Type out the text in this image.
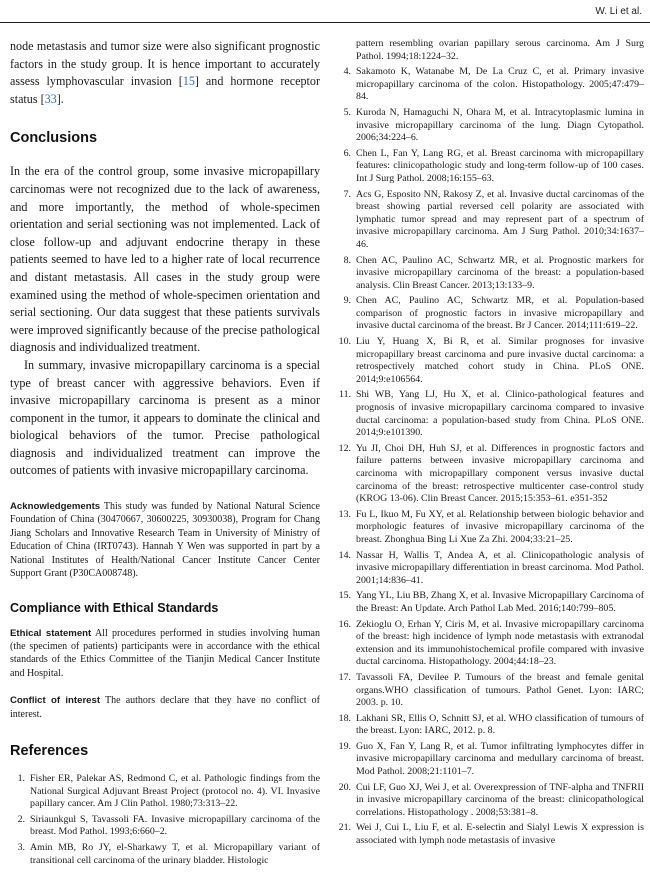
W. Li et al.

node metastasis and tumor size were also significant prognostic factors in the study group. It is hence important to accurately assess lymphovascular invasion [15] and hormone receptor status [33].

Conclusions

In the era of the control group, some invasive micropapillary carcinomas were not recognized due to the lack of awareness, and more importantly, the method of whole-specimen orientation and serial sectioning was not implemented. Lack of close follow-up and adjuvant endocrine therapy in these patients seemed to have led to a higher rate of local recurrence and distant metastasis. All cases in the study group were examined using the method of whole-specimen orientation and serial sectioning. Our data suggest that these patients survivals were improved significantly because of the precise pathological diagnosis and individualized treatment.

In summary, invasive micropapillary carcinoma is a special type of breast cancer with aggressive behaviors. Even if invasive micropapillary carcinoma is present as a minor component in the tumor, it appears to dominate the clinical and biological behaviors of the tumor. Precise pathological diagnosis and individualized treatment can improve the outcomes of patients with invasive micropapillary carcinoma.

Acknowledgements This study was funded by National Natural Science Foundation of China (30470667, 30600225, 30930038), Program for Chang Jiang Scholars and Innovative Research Team in University of Ministry of Education of China (IRT0743). Hannah Y Wen was supported in part by a National Institutes of Health/National Cancer Institute Cancer Center Support Grant (P30CA008748).

Compliance with Ethical Standards

Ethical statement All procedures performed in studies involving human (the specimen of patients) participants were in accordance with the ethical standards of the Ethics Committee of the Tianjin Medical Cancer Institute and Hospital.

Conflict of interest The authors declare that they have no conflict of interest.

References
1. Fisher ER, Palekar AS, Redmond C, et al. Pathologic findings from the National Surgical Adjuvant Breast Project (protocol no. 4). VI. Invasive papillary cancer. Am J Clin Pathol. 1980;73:313–22.
2. Siriaunkgul S, Tavassoli FA. Invasive micropapillary carcinoma of the breast. Mod Pathol. 1993;6:660–2.
3. Amin MB, Ro JY, el-Sharkawy T, et al. Micropapillary variant of transitional cell carcinoma of the urinary bladder. Histologic
pattern resembling ovarian papillary serous carcinoma. Am J Surg Pathol. 1994;18:1224–32.
4. Sakamoto K, Watanabe M, De La Cruz C, et al. Primary invasive micropapillary carcinoma of the colon. Histopathology. 2005;47:479–84.
5. Kuroda N, Hamaguchi N, Ohara M, et al. Intracytoplasmic lumina in invasive micropapillary carcinoma of the lung. Diagn Cytopathol. 2006;34:224–6.
6. Chen L, Fan Y, Lang RG, et al. Breast carcinoma with micropapillary features: clinicopathologic study and long-term follow-up of 100 cases. Int J Surg Pathol. 2008;16:155–63.
7. Acs G, Esposito NN, Rakosy Z, et al. Invasive ductal carcinomas of the breast showing partial reversed cell polarity are associated with lymphatic tumor spread and may represent part of a spectrum of invasive micropapillary carcinoma. Am J Surg Pathol. 2010;34:1637–46.
8. Chen AC, Paulino AC, Schwartz MR, et al. Prognostic markers for invasive micropapillary carcinoma of the breast: a population-based analysis. Clin Breast Cancer. 2013;13:133–9.
9. Chen AC, Paulino AC, Schwartz MR, et al. Population-based comparison of prognostic factors in invasive micropapillary and invasive ductal carcinoma of the breast. Br J Cancer. 2014;111:619–22.
10. Liu Y, Huang X, Bi R, et al. Similar prognoses for invasive micropapillary breast carcinoma and pure invasive ductal carcinoma: a retrospectively matched cohort study in China. PLoS ONE. 2014;9:e106564.
11. Shi WB, Yang LJ, Hu X, et al. Clinico-pathological features and prognosis of invasive micropapillary carcinoma compared to invasive ductal carcinoma: a population-based study from China. PLoS ONE. 2014;9:e101390.
12. Yu JI, Choi DH, Huh SJ, et al. Differences in prognostic factors and failure patterns between invasive micropapillary carcinoma and carcinoma with micropapillary component versus invasive ductal carcinoma of the breast: retrospective multicenter case-control study (KROG 13-06). Clin Breast Cancer. 2015;15:353–61. e351-352
13. Fu L, Ikuo M, Fu XY, et al. Relationship between biologic behavior and morphologic features of invasive micropapillary carcinoma of the breast. Zhonghua Bing Li Xue Za Zhi. 2004;33:21–25.
14. Nassar H, Wallis T, Andea A, et al. Clinicopathologic analysis of invasive micropapillary differentiation in breast carcinoma. Mod Pathol. 2001;14:836–41.
15. Yang YL, Liu BB, Zhang X, et al. Invasive Micropapillary Carcinoma of the Breast: An Update. Arch Pathol Lab Med. 2016;140:799–805.
16. Zekioglu O, Erhan Y, Ciris M, et al. Invasive micropapillary carcinoma of the breast: high incidence of lymph node metastasis with extranodal extension and its immunohistochemical profile compared with invasive ductal carcinoma. Histopathology. 2004;44:18–23.
17. Tavassoli FA, Devilee P. Tumours of the breast and female genital organs.WHO classification of tumours. Pathol Genet. Lyon: IARC; 2003. p. 10.
18. Lakhani SR, Ellis O, Schnitt SJ, et al. WHO classification of tumours of the breast. Lyon: IARC, 2012. p. 8.
19. Guo X, Fan Y, Lang R, et al. Tumor infiltrating lymphocytes differ in invasive micropapillary carcinoma and medullary carcinoma of breast. Mod Pathol. 2008;21:1101–7.
20. Cui LF, Guo XJ, Wei J, et al. Overexpression of TNF-alpha and TNFRII in invasive micropapillary carcinoma of the breast: clinicopathological correlations. Histopathology . 2008;53:381–8.
21. Wei J, Cui L, Liu F, et al. E-selectin and Sialyl Lewis X expression is associated with lymph node metastasis of invasive
